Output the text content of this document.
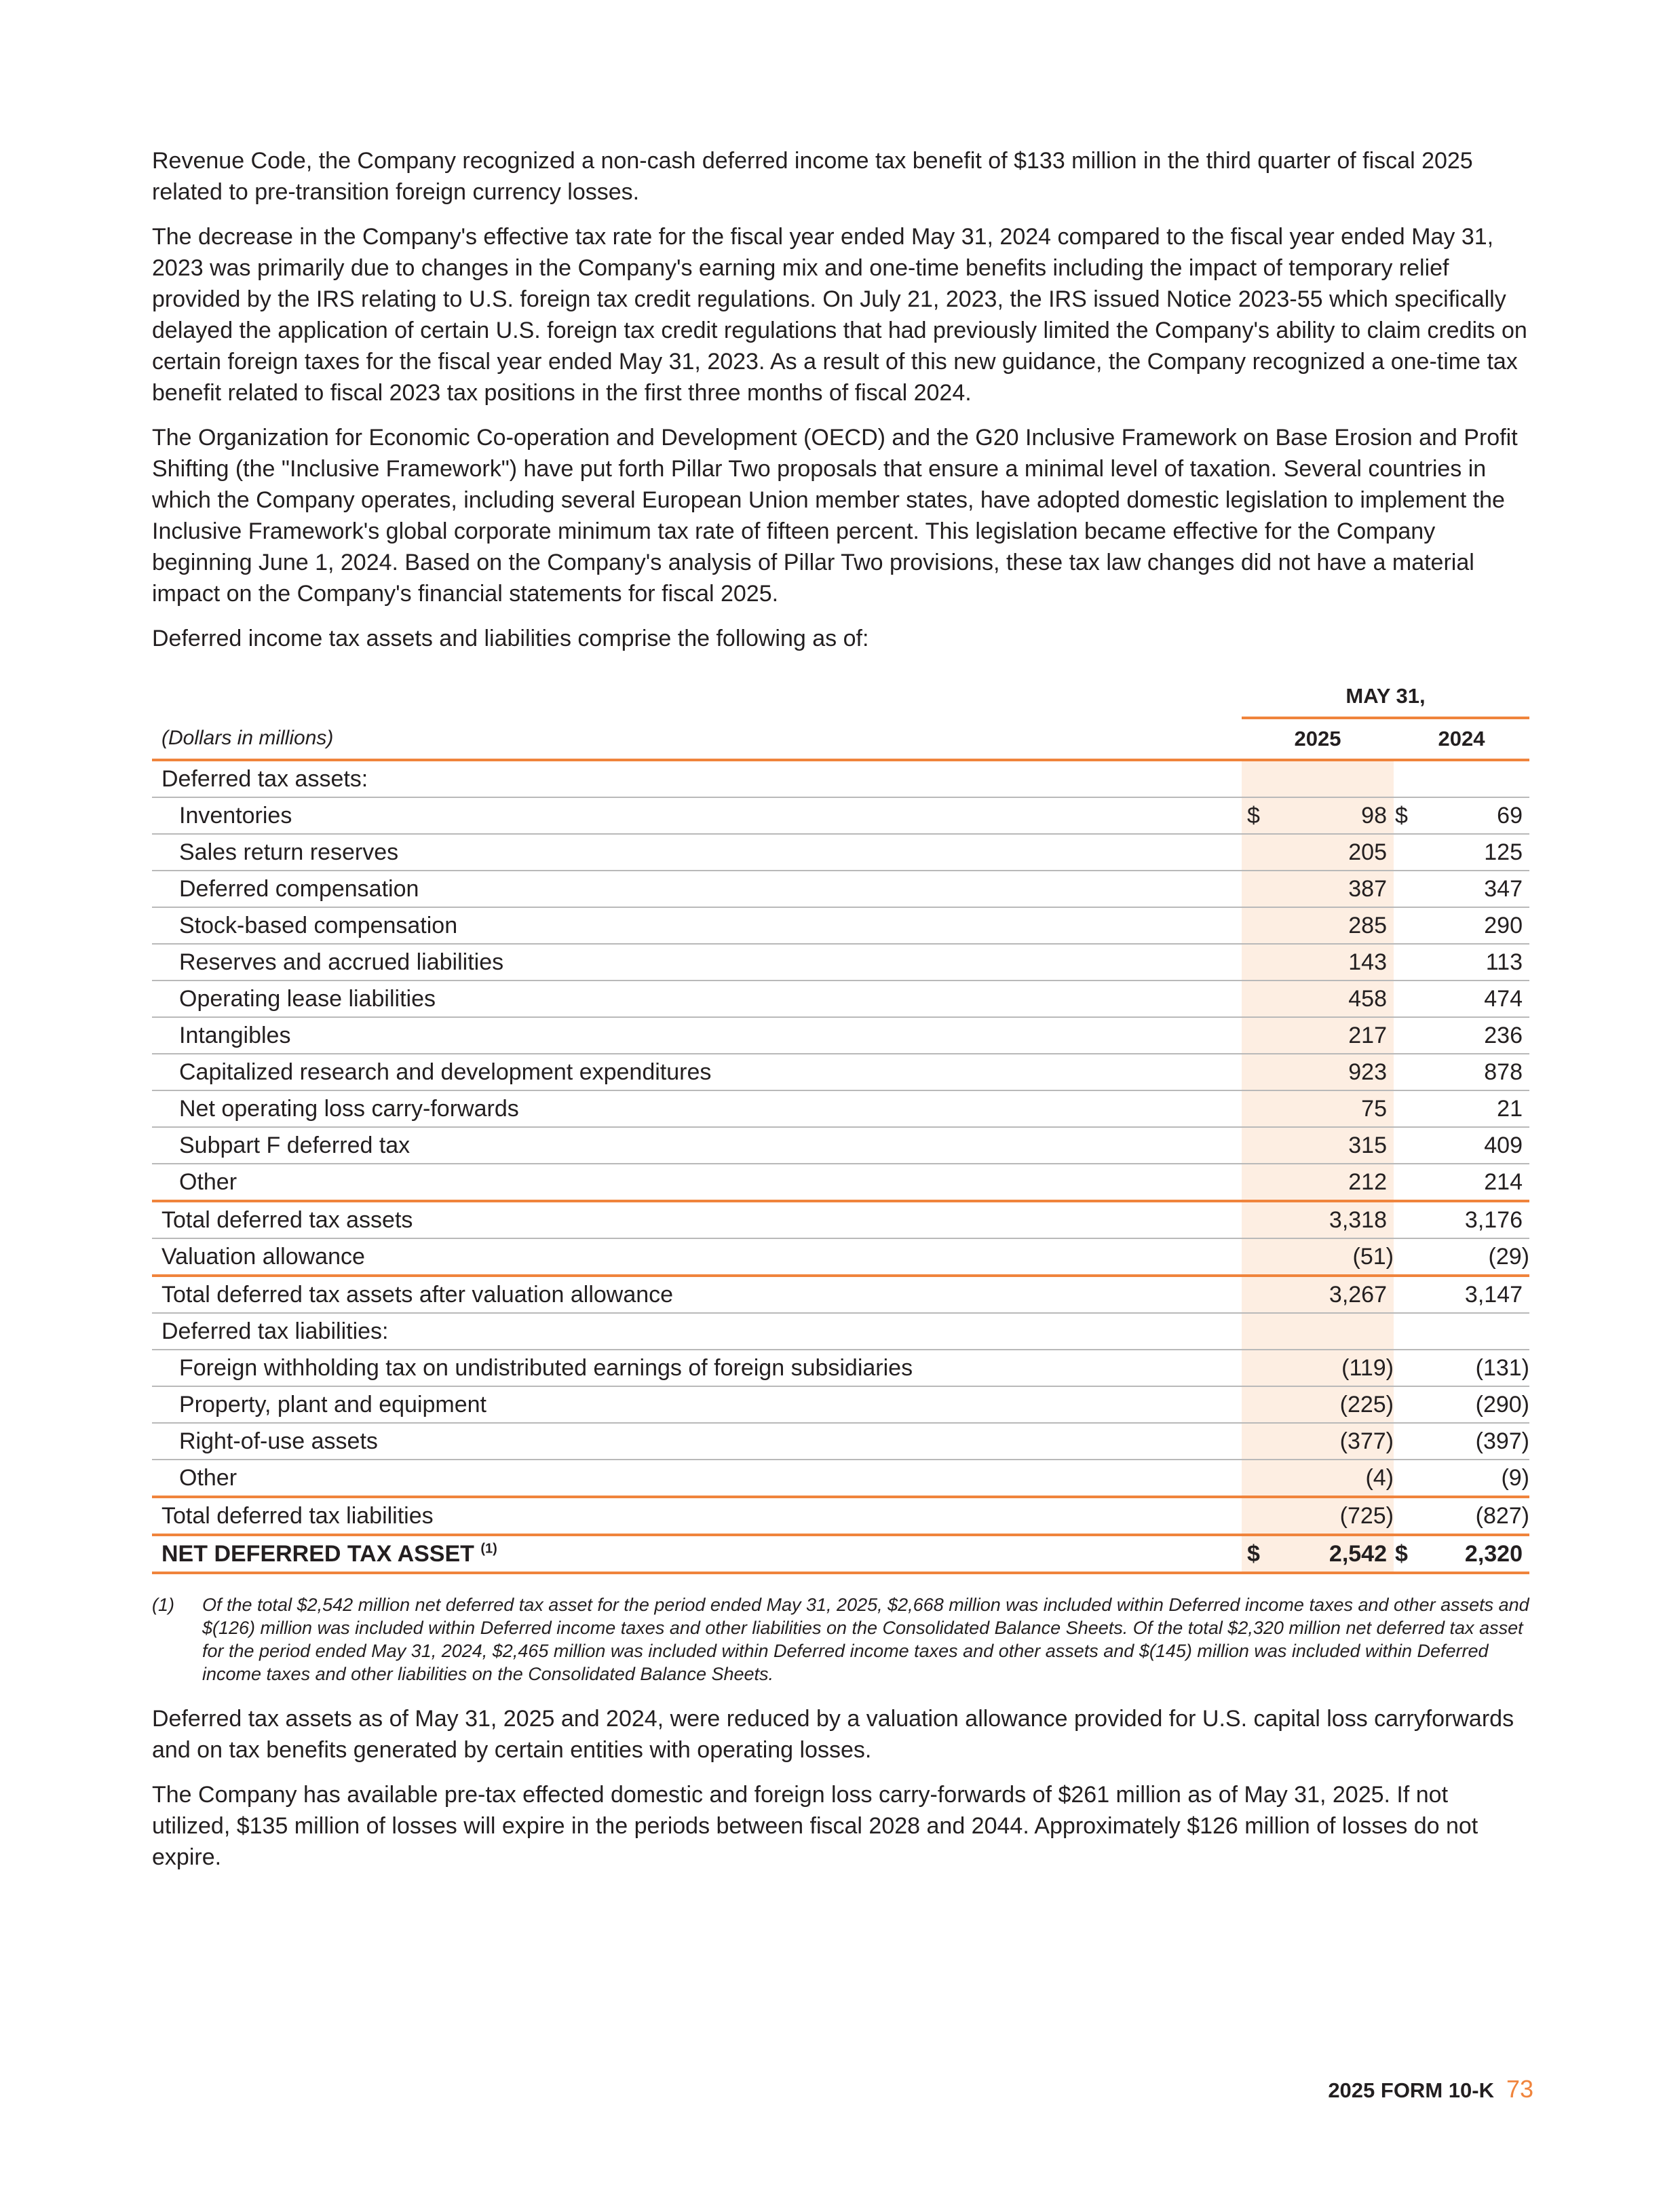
Revenue Code, the Company recognized a non-cash deferred income tax benefit of $133 million in the third quarter of fiscal 2025 related to pre-transition foreign currency losses.

The decrease in the Company's effective tax rate for the fiscal year ended May 31, 2024 compared to the fiscal year ended May 31, 2023 was primarily due to changes in the Company's earning mix and one-time benefits including the impact of temporary relief provided by the IRS relating to U.S. foreign tax credit regulations. On July 21, 2023, the IRS issued Notice 2023-55 which specifically delayed the application of certain U.S. foreign tax credit regulations that had previously limited the Company's ability to claim credits on certain foreign taxes for the fiscal year ended May 31, 2023. As a result of this new guidance, the Company recognized a one-time tax benefit related to fiscal 2023 tax positions in the first three months of fiscal 2024.

The Organization for Economic Co-operation and Development (OECD) and the G20 Inclusive Framework on Base Erosion and Profit Shifting (the "Inclusive Framework") have put forth Pillar Two proposals that ensure a minimal level of taxation. Several countries in which the Company operates, including several European Union member states, have adopted domestic legislation to implement the Inclusive Framework's global corporate minimum tax rate of fifteen percent. This legislation became effective for the Company beginning June 1, 2024. Based on the Company's analysis of Pillar Two provisions, these tax law changes did not have a material impact on the Company's financial statements for fiscal 2025.

Deferred income tax assets and liabilities comprise the following as of:

	MAY 31,			
(Dollars in millions)	2025		2024	
Deferred tax assets:				
Inventories	$	98	$	69
Sales return reserves		205		125
Deferred compensation		387		347
Stock-based compensation		285		290
Reserves and accrued liabilities		143		113
Operating lease liabilities		458		474
Intangibles		217		236
Capitalized research and development expenditures		923		878
Net operating loss carry-forwards		75		21
Subpart F deferred tax		315		409
Other		212		214
Total deferred tax assets		3,318		3,176
Valuation allowance		(51)		(29)
Total deferred tax assets after valuation allowance		3,267		3,147
Deferred tax liabilities:				
Foreign withholding tax on undistributed earnings of foreign subsidiaries		(119)		(131)
Property, plant and equipment		(225)		(290)
Right-of-use assets		(377)		(397)
Other		(4)		(9)
Total deferred tax liabilities		(725)		(827)
NET DEFERRED TAX ASSET $^{(1)}$	$	2,542	$	2,320
(1)	Of the total $2,542 million net deferred tax asset for the period ended May 31, 2025, $2,668 million was included within Deferred income taxes and other assets and $(126) million was included within Deferred income taxes and other liabilities on the Consolidated Balance Sheets. Of the total $2,320 million net deferred tax asset for the period ended May 31, 2024, $2,465 million was included within Deferred income taxes and other assets and $(145) million was included within Deferred income taxes and other liabilities on the Consolidated Balance Sheets.

Deferred tax assets as of May 31, 2025 and 2024, were reduced by a valuation allowance provided for U.S. capital loss carryforwards and on tax benefits generated by certain entities with operating losses.

The Company has available pre-tax effected domestic and foreign loss carry-forwards of $261 million as of May 31, 2025. If not utilized, $135 million of losses will expire in the periods between fiscal 2028 and 2044. Approximately $126 million of losses do not expire.

2025 FORM 10-K 73
